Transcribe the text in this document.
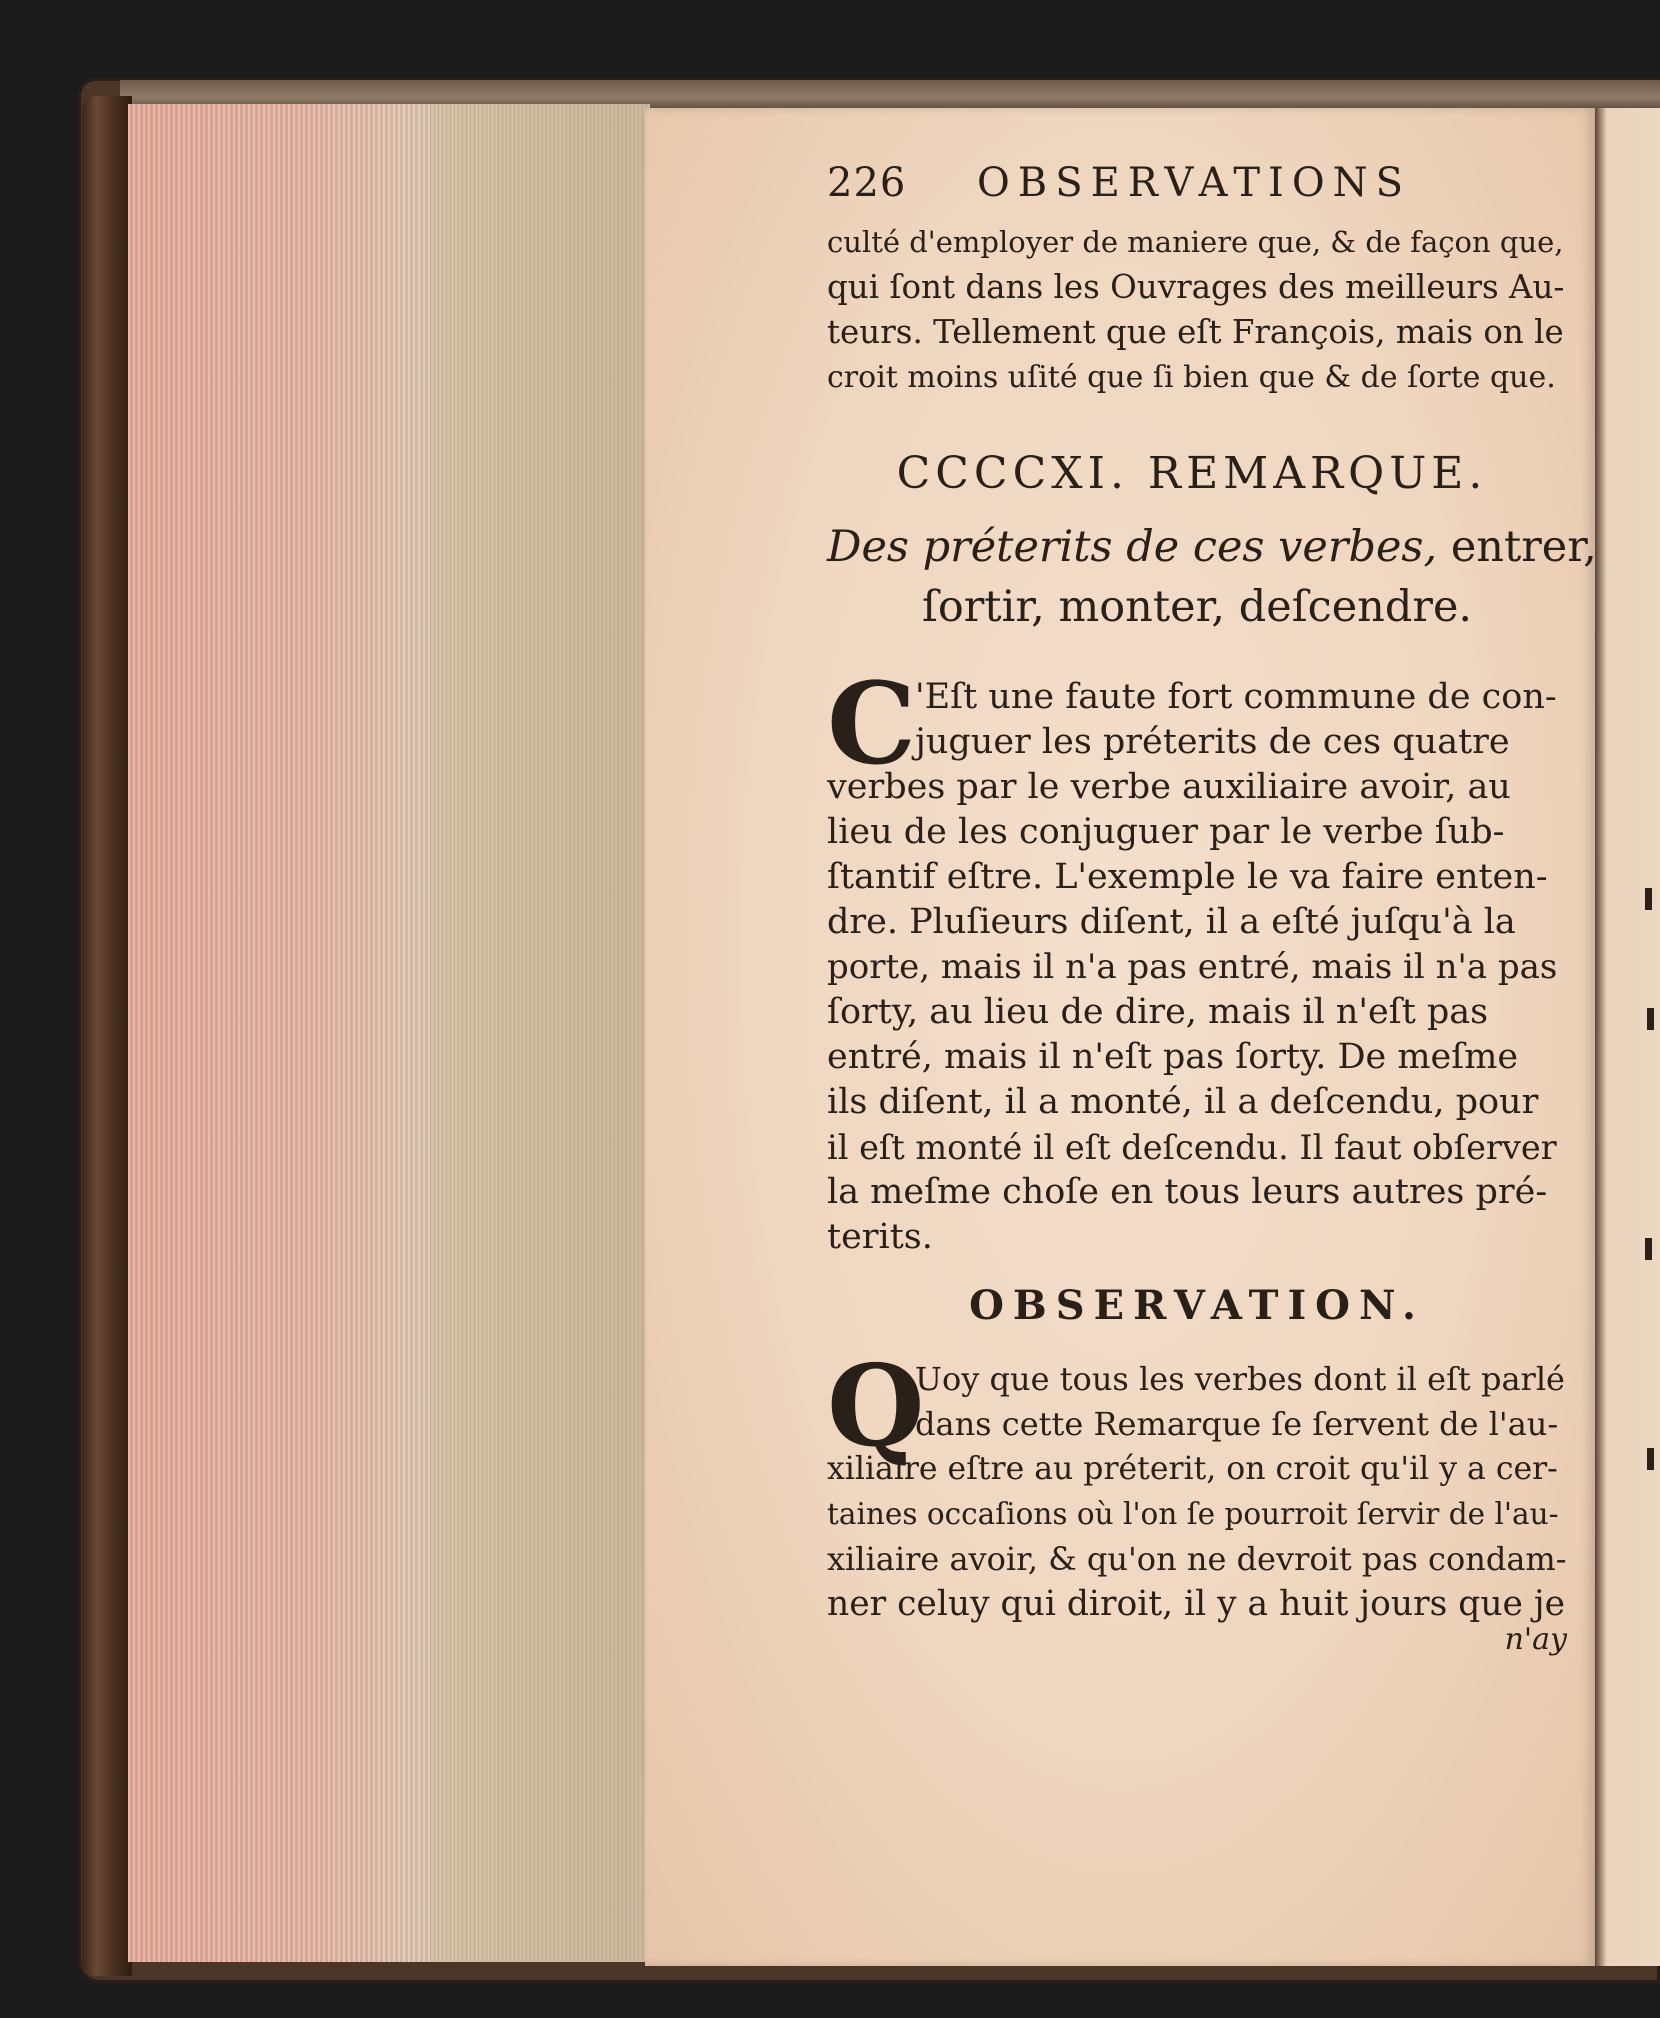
226	OBSERVATIONS
culté d'employer de maniere que, & de façon que,
qui ſont dans les Ouvrages des meilleurs Au-
teurs. Tellement que eſt François, mais on le
croit moins uſité que ſi bien que & de ſorte que.
CCCCXI. REMARQUE.
Des préterits de ces verbes, entrer,
ſortir, monter, deſcendre.
C
'Eſt une faute fort commune de con-
juguer les préterits de ces quatre
verbes par le verbe auxiliaire avoir, au
lieu de les conjuguer par le verbe ſub-
ſtantif eſtre. L'exemple le va faire enten-
dre. Pluſieurs diſent, il a eſté juſqu'à la
porte, mais il n'a pas entré, mais il n'a pas
ſorty, au lieu de dire, mais il n'eſt pas
entré, mais il n'eſt pas ſorty. De meſme
ils diſent, il a monté, il a deſcendu, pour
il eſt monté il eſt deſcendu. Il faut obſerver
la meſme choſe en tous leurs autres pré-
terits.
OBSERVATION.
Q
Uoy que tous les verbes dont il eſt parlé
dans cette Remarque ſe ſervent de l'au-
xiliaire eſtre au préterit, on croit qu'il y a cer-
taines occaſions où l'on ſe pourroit ſervir de l'au-
xiliaire avoir, & qu'on ne devroit pas condam-
ner celuy qui diroit, il y a huit jours que je
n'ay
